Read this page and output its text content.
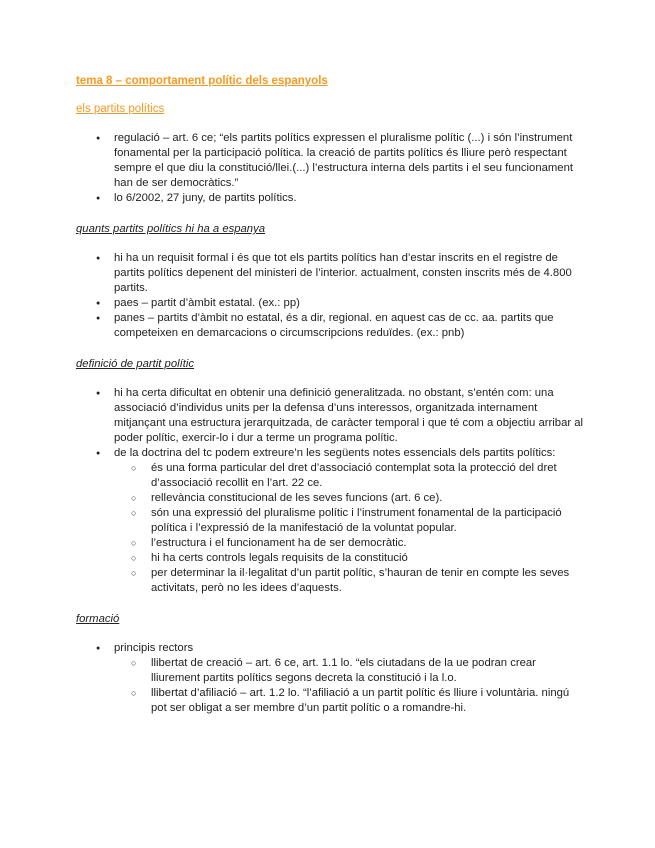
tema 8 – comportament polític dels espanyols
els partits polítics
● regulació – art. 6 ce; “els partits polítics expressen el pluralisme polític (...) i són l’instrument fonamental per la participació política. la creació de partits polítics és lliure però respectant sempre el que diu la constitució/llei.(...) l’estructura interna dels partits i el seu funcionament han de ser democràtics.”
● lo 6/2002, 27 juny, de partits polítics.
quants partits polítics hi ha a espanya
● hi ha un requisit formal i és que tot els partits polítics han d’estar inscrits en el registre de partits polítics depenent del ministeri de l’interior. actualment, consten inscrits més de 4.800 partits.
● paes – partit d’àmbit estatal. (ex.: pp)
● panes – partits d’àmbit no estatal, és a dir, regional. en aquest cas de cc. aa. partits que competeixen en demarcacions o circumscripcions reduïdes. (ex.: pnb)
definició de partit polític
● hi ha certa dificultat en obtenir una definició generalitzada. no obstant, s’entén com: una associació d’individus units per la defensa d’uns interessos, organitzada internament mitjançant una estructura jerarquitzada, de caràcter temporal i que té com a objectiu arribar al poder polític, exercir-lo i dur a terme un programa polític.
● de la doctrina del tc podem extreure’n les següents notes essencials dels partits polítics:
○ és una forma particular del dret d’associació contemplat sota la protecció del dret d’associació recollit en l’art. 22 ce.
○ rellevància constitucional de les seves funcions (art. 6 ce).
○ són una expressió del pluralisme polític i l’instrument fonamental de la participació política i l’expressió de la manifestació de la voluntat popular.
○ l’estructura i el funcionament ha de ser democràtic.
○ hi ha certs controls legals requisits de la constitució
○ per determinar la il·legalitat d’un partit polític, s’hauran de tenir en compte les seves activitats, però no les idees d’aquests.
formació
● principis rectors
○ llibertat de creació – art. 6 ce, art. 1.1 lo. “els ciutadans de la ue podran crear lliurement partits polítics segons decreta la constitució i la l.o.
○ llibertat d’afiliació – art. 1.2 lo. “l’afiliació a un partit polític és lliure i voluntària. ningú pot ser obligat a ser membre d’un partit polític o a romandre-hi.
